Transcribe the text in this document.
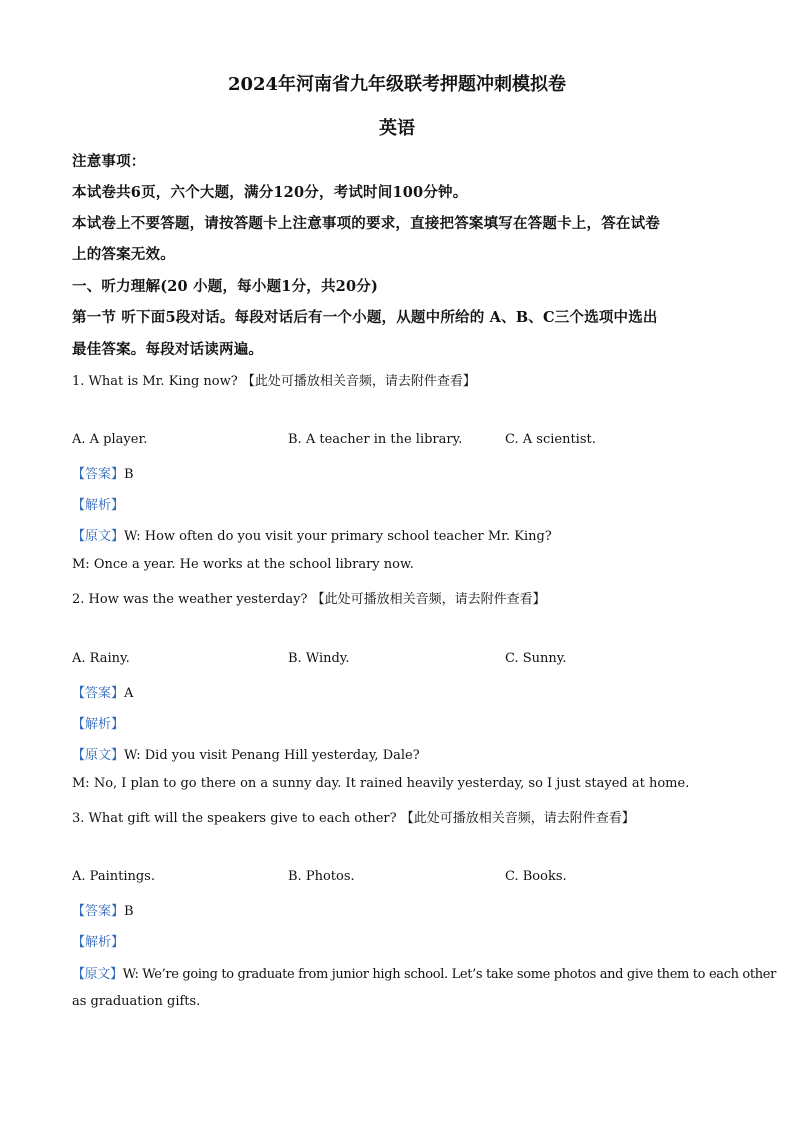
2024年河南省九年级联考押题冲刺模拟卷
英语
注意事项：
本试卷共6页，六个大题，满分120分，考试时间100分钟。
本试卷上不要答题，请按答题卡上注意事项的要求，直接把答案填写在答题卡上，答在试卷
上的答案无效。
一、听力理解(20 小题，每小题1分，共20分)
第一节 听下面5段对话。每段对话后有一个小题，从题中所给的 A、B、C三个选项中选出
最佳答案。每段对话读两遍。
1. What is Mr. King now? 【此处可播放相关音频，请去附件查看】
A. A player.	B. A teacher in the library.	C. A scientist.
【答案】B
【解析】
【原文】W: How often do you visit your primary school teacher Mr. King?
M: Once a year. He works at the school library now.
2. How was the weather yesterday? 【此处可播放相关音频，请去附件查看】
A. Rainy.	B. Windy.	C. Sunny.
【答案】A
【解析】
【原文】W: Did you visit Penang Hill yesterday, Dale?
M: No, I plan to go there on a sunny day. It rained heavily yesterday, so I just stayed at home.
3. What gift will the speakers give to each other? 【此处可播放相关音频，请去附件查看】
A. Paintings.	B. Photos.	C. Books.
【答案】B
【解析】
【原文】W: We’re going to graduate from junior high school. Let’s take some photos and give them to each other
as graduation gifts.
